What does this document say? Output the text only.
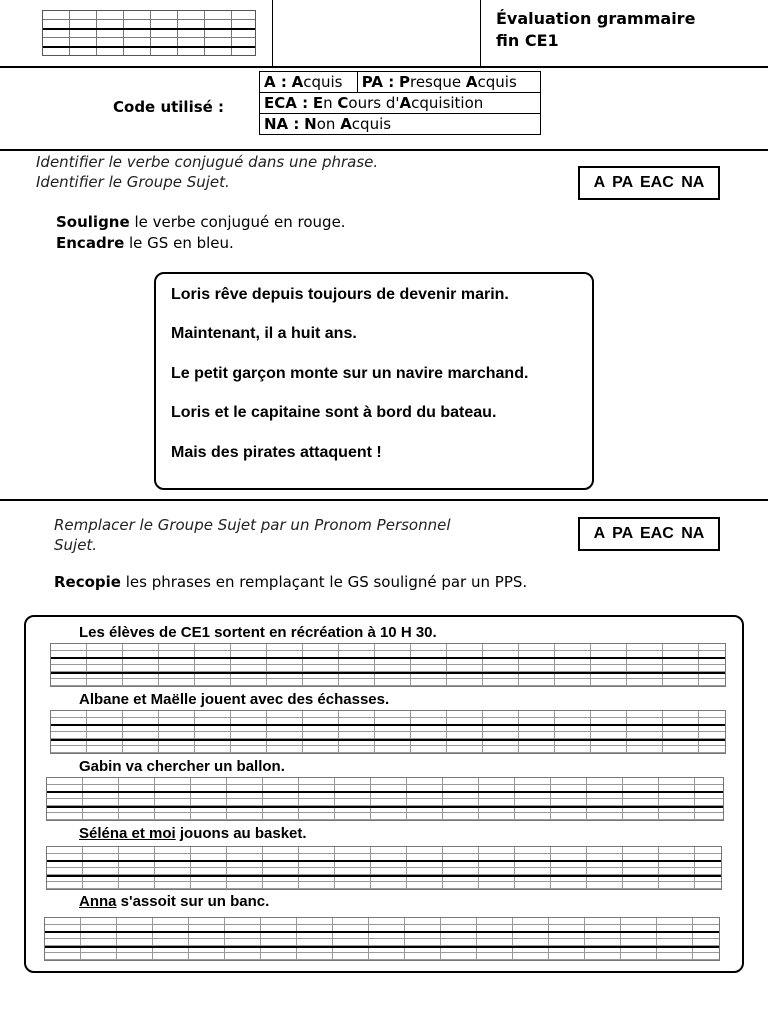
Évaluation grammaire
fin CE1
Code utilisé :
A : Acquis	PA : Presque Acquis
ECA : En Cours d'Acquisition
NA : Non Acquis
Identifier le verbe conjugué dans une phrase.
Identifier le Groupe Sujet.	A PA EAC NA
Souligne le verbe conjugué en rouge.
Encadre le GS en bleu.
Loris rêve depuis toujours de devenir marin.
Maintenant, il a huit ans.
Le petit garçon monte sur un navire marchand.
Loris et le capitaine sont à bord du bateau.
Mais des pirates attaquent !
Remplacer le Groupe Sujet par un Pronom Personnel
Sujet.
A PA EAC NA
Recopie les phrases en remplaçant le GS souligné par un PPS.
Les élèves de CE1 sortent en récréation à 10 H 30.
Albane et Maëlle jouent avec des échasses.
Gabin va chercher un ballon.
Séléna et moi jouons au basket.
Anna s'assoit sur un banc.
